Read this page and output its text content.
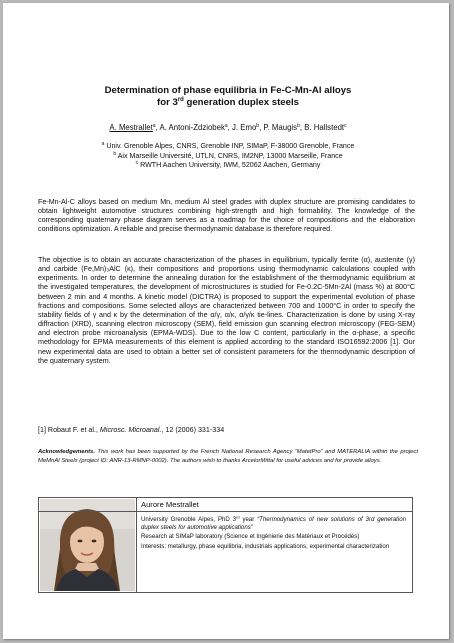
Determination of phase equilibria in Fe-C-Mn-Al alloys
for 3rd generation duplex steels
A. Mestrallet$^a$, A. Antoni-Zdziobek$^a$, J. Emo$^b$, P. Maugis$^b$, B. Hallstedt$^c$
$^a$ Univ. Grenoble Alpes, CNRS, Grenoble INP, SIMaP, F-38000 Grenoble, France
$^b$ Aix Marseille Université, UTLN, CNRS, IM2NP, 13000 Marseille, France
$^c$ RWTH Aachen University, IWM, 52062 Aachen, Germany
Fe-Mn-Al-C alloys based on medium Mn, medium Al steel grades with duplex structure are promising candidates to obtain lightweight automotive structures combining high-strength and high formability. The knowledge of the corresponding quaternary phase diagram serves as a roadmap for the choice of compositions and the elaboration conditions optimization. A reliable and precise thermodynamic database is therefore required.
The objective is to obtain an accurate characterization of the phases in equilibrium, typically ferrite (α), austenite (γ) and carbide (Fe,Mn)₃AlC (κ), their compositions and proportions using thermodynamic calculations coupled with experiments. In order to determine the annealing duration for the establishment of the thermodynamic equilibrium at the investigated temperatures, the development of microstructures is studied for Fe-0.2C-5Mn-2Al (mass %) at 800°C between 2 min and 4 months. A kinetic model (DICTRA) is proposed to support the experimental evolution of phase fractions and compositions. Some selected alloys are characterized between 700 and 1000°C in order to specify the stability fields of γ and κ by the determination of the α/γ, α/κ, α/γ/κ tie-lines. Characterization is done by using X-ray diffraction (XRD), scanning electron microscopy (SEM), field emission gun scanning electron microscopy (FEG-SEM) and electron probe microanalysis (EPMA-WDS). Due to the low C content, particularly in the α-phase, a specific methodology for EPMA measurements of this element is applied according to the standard ISO16592:2006 [1]. Our new experimental data are used to obtain a better set of consistent parameters for the thermodynamic description of the quaternary system.
[1] Robaut F. et al., Microsc. Microanal., 12 (2006) 331-334
Acknowledgements. This work has been supported by the French National Research Agency “MatetPro” and MATERALIA within the project MeMnAl Steels (project ID: ANR-13-RMNP-0002). The authors wish to thanks ArcelorMittal for useful advices and for provide alloys.
Aurore Mestrallet

University Grenoble Alpes, PhD 3rd year “Thermodynamics of new solutions of 3rd generation duplex steels for automotive applications”

Research at SIMaP laboratory (Science et Ingénierie des Matériaux et Procédés)

Interests: metallurgy, phase equilibria, industrials applications, experimental characterization
